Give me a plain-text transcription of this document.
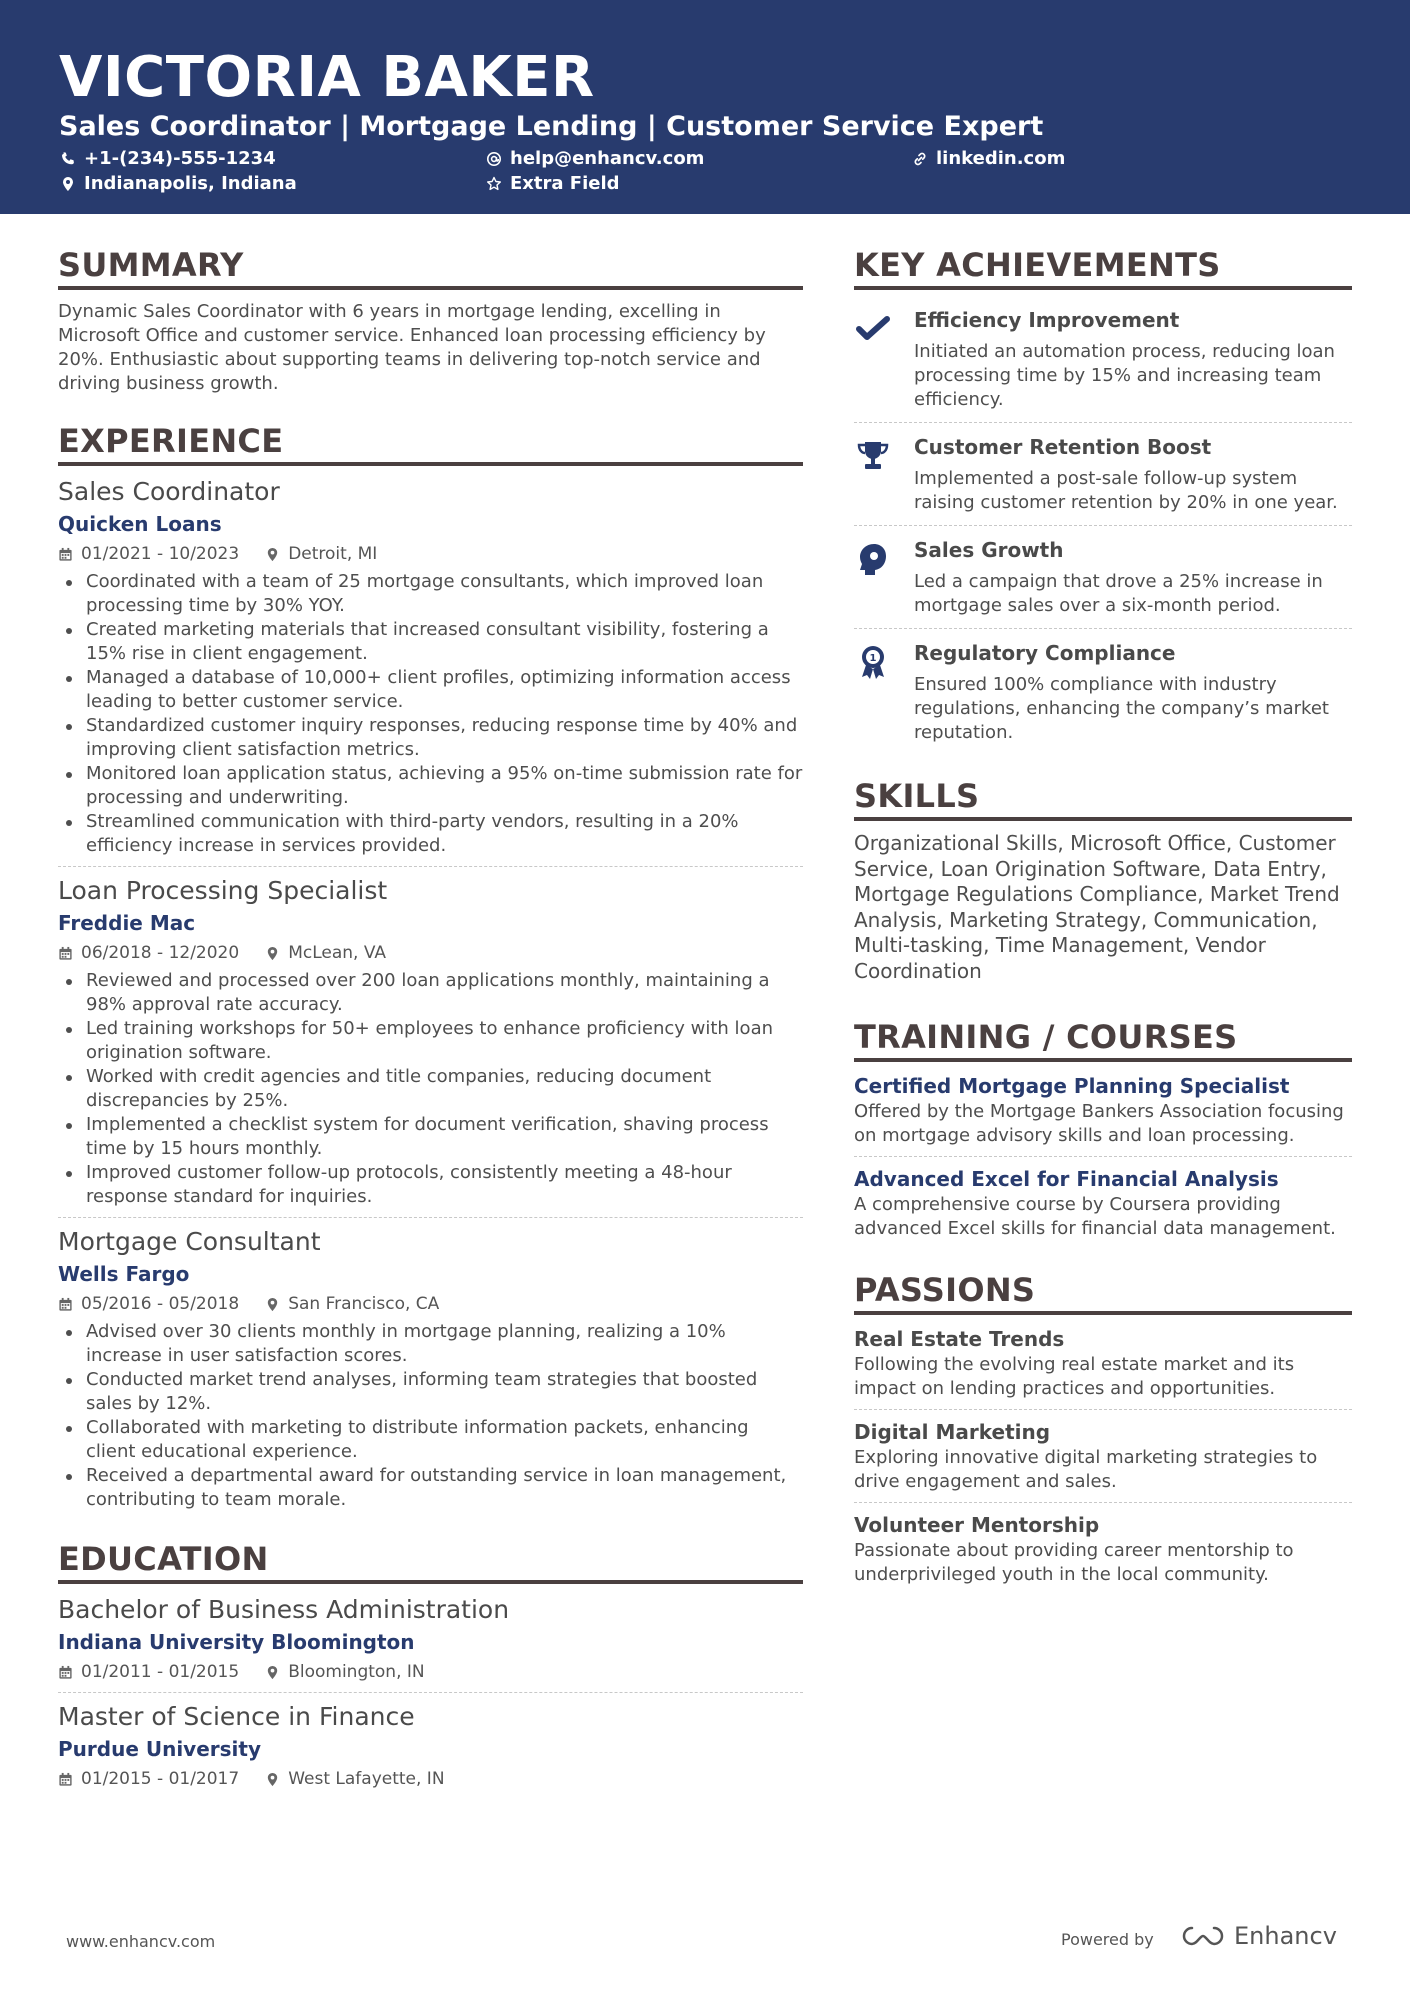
VICTORIA BAKER
Sales Coordinator | Mortgage Lending | Customer Service Expert
+1-(234)-555-1234	help@enhancv.com	linkedin.com
Indianapolis, Indiana	Extra Field
SUMMARY
Dynamic Sales Coordinator with 6 years in mortgage lending, excelling in Microsoft Office and customer service. Enhanced loan processing efficiency by 20%. Enthusiastic about supporting teams in delivering top-notch service and driving business growth.
EXPERIENCE
Sales Coordinator
Quicken Loans
01/2021 - 10/2023	Detroit, MI
Coordinated with a team of 25 mortgage consultants, which improved loan processing time by 30% YOY.
Created marketing materials that increased consultant visibility, fostering a 15% rise in client engagement.
Managed a database of 10,000+ client profiles, optimizing information access leading to better customer service.
Standardized customer inquiry responses, reducing response time by 40% and improving client satisfaction metrics.
Monitored loan application status, achieving a 95% on-time submission rate for processing and underwriting.
Streamlined communication with third-party vendors, resulting in a 20% efficiency increase in services provided.
Loan Processing Specialist
Freddie Mac
06/2018 - 12/2020	McLean, VA
Reviewed and processed over 200 loan applications monthly, maintaining a 98% approval rate accuracy.
Led training workshops for 50+ employees to enhance proficiency with loan origination software.
Worked with credit agencies and title companies, reducing document discrepancies by 25%.
Implemented a checklist system for document verification, shaving process time by 15 hours monthly.
Improved customer follow-up protocols, consistently meeting a 48-hour response standard for inquiries.
Mortgage Consultant
Wells Fargo
05/2016 - 05/2018	San Francisco, CA
Advised over 30 clients monthly in mortgage planning, realizing a 10% increase in user satisfaction scores.
Conducted market trend analyses, informing team strategies that boosted sales by 12%.
Collaborated with marketing to distribute information packets, enhancing client educational experience.
Received a departmental award for outstanding service in loan management, contributing to team morale.
EDUCATION
Bachelor of Business Administration
Indiana University Bloomington
01/2011 - 01/2015	Bloomington, IN
Master of Science in Finance
Purdue University
01/2015 - 01/2017	West Lafayette, IN
KEY ACHIEVEMENTS
Efficiency Improvement
Initiated an automation process, reducing loan processing time by 15% and increasing team efficiency.
Customer Retention Boost
Implemented a post-sale follow-up system raising customer retention by 20% in one year.
Sales Growth
Led a campaign that drove a 25% increase in mortgage sales over a six-month period.
1 Regulatory Compliance
Ensured 100% compliance with industry regulations, enhancing the company’s market reputation.
SKILLS
Organizational Skills, Microsoft Office, Customer Service, Loan Origination Software, Data Entry, Mortgage Regulations Compliance, Market Trend Analysis, Marketing Strategy, Communication, Multi-tasking, Time Management, Vendor Coordination
TRAINING / COURSES
Certified Mortgage Planning Specialist
Offered by the Mortgage Bankers Association focusing on mortgage advisory skills and loan processing.
Advanced Excel for Financial Analysis
A comprehensive course by Coursera providing advanced Excel skills for financial data management.
PASSIONS
Real Estate Trends
Following the evolving real estate market and its impact on lending practices and opportunities.
Digital Marketing
Exploring innovative digital marketing strategies to drive engagement and sales.
Volunteer Mentorship
Passionate about providing career mentorship to underprivileged youth in the local community.
www.enhancv.com	Powered by	Enhancv
